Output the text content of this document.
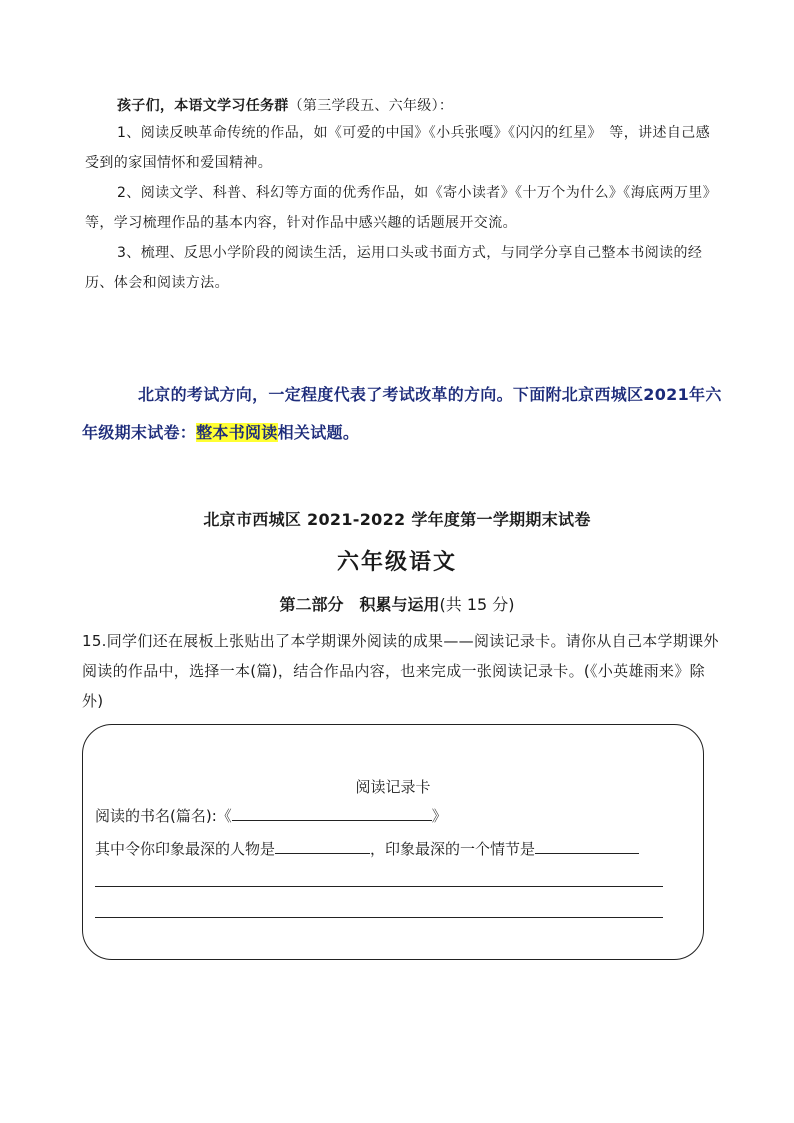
孩子们，本语文学习任务群（第三学段五、六年级）：
1、阅读反映革命传统的作品，如《可爱的中国》《小兵张嘎》《闪闪的红星》　等，讲述自己感受到的家国情怀和爱国精神。
2、阅读文学、科普、科幻等方面的优秀作品，如《寄小读者》《十万个为什么》《海底两万里》　等，学习梳理作品的基本内容，针对作品中感兴趣的话题展开交流。
3、梳理、反思小学阶段的阅读生活，运用口头或书面方式，与同学分享自己整本书阅读的经历、体会和阅读方法。
北京的考试方向，一定程度代表了考试改革的方向。下面附北京西城区2021年六年级期末试卷：整本书阅读相关试题。
北京市西城区 2021-2022 学年度第一学期期末试卷
六年级语文
第二部分　积累与运用(共 15 分)
15.同学们还在展板上张贴出了本学期课外阅读的成果——阅读记录卡。请你从自己本学期课外阅读的作品中，选择一本(篇)，结合作品内容，也来完成一张阅读记录卡。(《小英雄雨来》除外)
阅读记录卡
阅读的书名(篇名):《	》
其中令你印象最深的人物是	，印象最深的一个情节是
